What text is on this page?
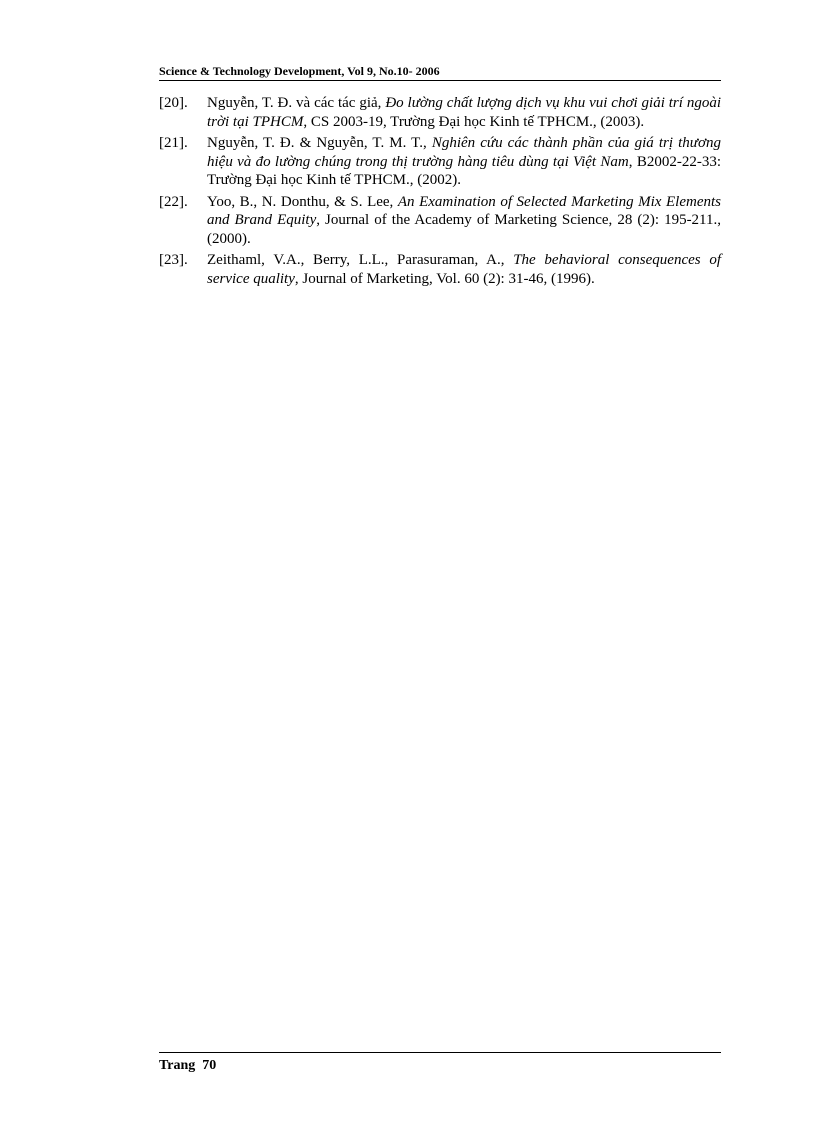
Science & Technology Development, Vol 9, No.10- 2006
[20].	Nguyễn, T. Đ. và các tác giả, Đo lường chất lượng dịch vụ khu vui chơi giải trí ngoài trời tại TPHCM, CS 2003-19, Trường Đại học Kinh tế TPHCM., (2003).
[21].	Nguyễn, T. Đ. & Nguyễn, T. M. T., Nghiên cứu các thành phần của giá trị thương hiệu và đo lường chúng trong thị trường hàng tiêu dùng tại Việt Nam, B2002-22-33: Trường Đại học Kinh tế TPHCM., (2002).
[22].	Yoo, B., N. Donthu, & S. Lee, An Examination of Selected Marketing Mix Elements and Brand Equity, Journal of the Academy of Marketing Science, 28 (2): 195-211., (2000).
[23].	Zeithaml, V.A., Berry, L.L., Parasuraman, A., The behavioral consequences of service quality, Journal of Marketing, Vol. 60 (2): 31-46, (1996).
Trang  70
